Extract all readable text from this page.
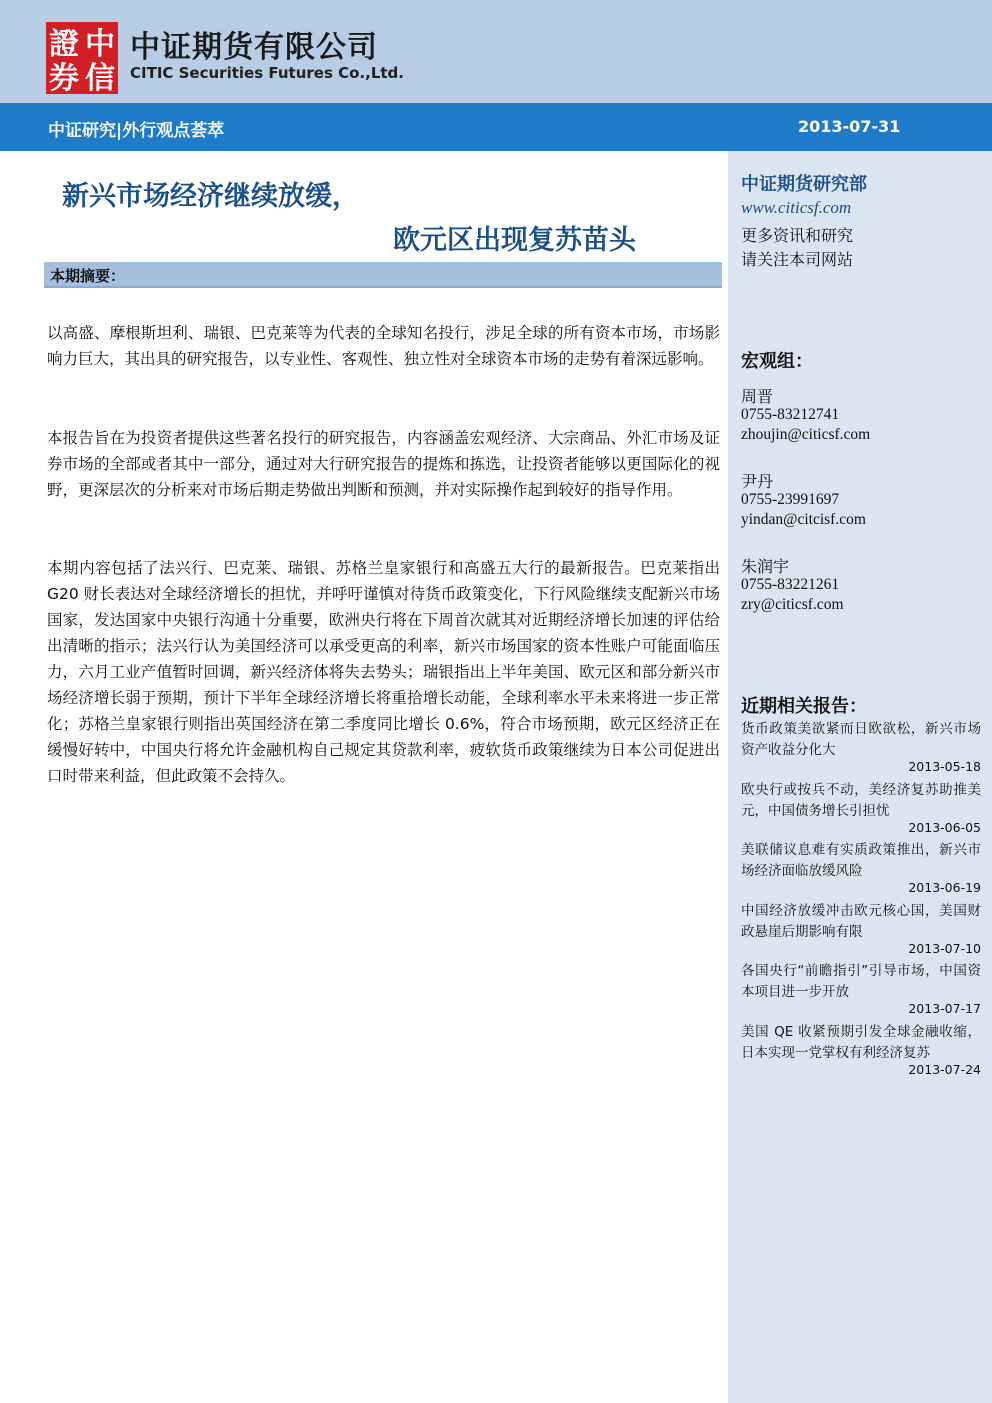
證 中
券 信
中证期货有限公司
CITIC Securities Futures Co.,Ltd.
中证研究|外行观点荟萃	2013-07-31
新兴市场经济继续放缓，
欧元区出现复苏苗头
本期摘要：

以高盛、摩根斯坦利、瑞银、巴克莱等为代表的全球知名投行，涉足全球的所有资本市场，市场影响力巨大，其出具的研究报告，以专业性、客观性、独立性对全球资本市场的走势有着深远影响。

本报告旨在为投资者提供这些著名投行的研究报告，内容涵盖宏观经济、大宗商品、外汇市场及证券市场的全部或者其中一部分，通过对大行研究报告的提炼和拣选，让投资者能够以更国际化的视野，更深层次的分析来对市场后期走势做出判断和预测，并对实际操作起到较好的指导作用。

本期内容包括了法兴行、巴克莱、瑞银、苏格兰皇家银行和高盛五大行的最新报告。巴克莱指出 G20 财长表达对全球经济增长的担忧，并呼吁谨慎对待货币政策变化，下行风险继续支配新兴市场国家，发达国家中央银行沟通十分重要，欧洲央行将在下周首次就其对近期经济增长加速的评估给出清晰的指示；法兴行认为美国经济可以承受更高的利率，新兴市场国家的资本性账户可能面临压力，六月工业产值暂时回调，新兴经济体将失去势头；瑞银指出上半年美国、欧元区和部分新兴市场经济增长弱于预期，预计下半年全球经济增长将重拾增长动能，全球利率水平未来将进一步正常化；苏格兰皇家银行则指出英国经济在第二季度同比增长 0.6%，符合市场预期，欧元区经济正在缓慢好转中，中国央行将允许金融机构自己规定其贷款利率，疲软货币政策继续为日本公司促进出口时带来利益，但此政策不会持久。

中证期货研究部
www.citicsf.com
更多资讯和研究
请关注本司网站
宏观组：
周晋
0755-83212741
zhoujin@citicsf.com
尹丹
0755-23991697
yindan@citcisf.com
朱润宇
0755-83221261
zry@citicsf.com
近期相关报告：
货币政策美欲紧而日欧欲松，新兴市场资产收益分化大
2013-05-18
欧央行或按兵不动，美经济复苏助推美元，中国债务增长引担忧
2013-06-05
美联储议息难有实质政策推出，新兴市场经济面临放缓风险
2013-06-19
中国经济放缓冲击欧元核心国，美国财政悬崖后期影响有限
2013-07-10
各国央行“前瞻指引”引导市场，中国资本项目进一步开放
2013-07-17
美国 QE 收紧预期引发全球金融收缩，日本实现一党掌权有利经济复苏
2013-07-24
